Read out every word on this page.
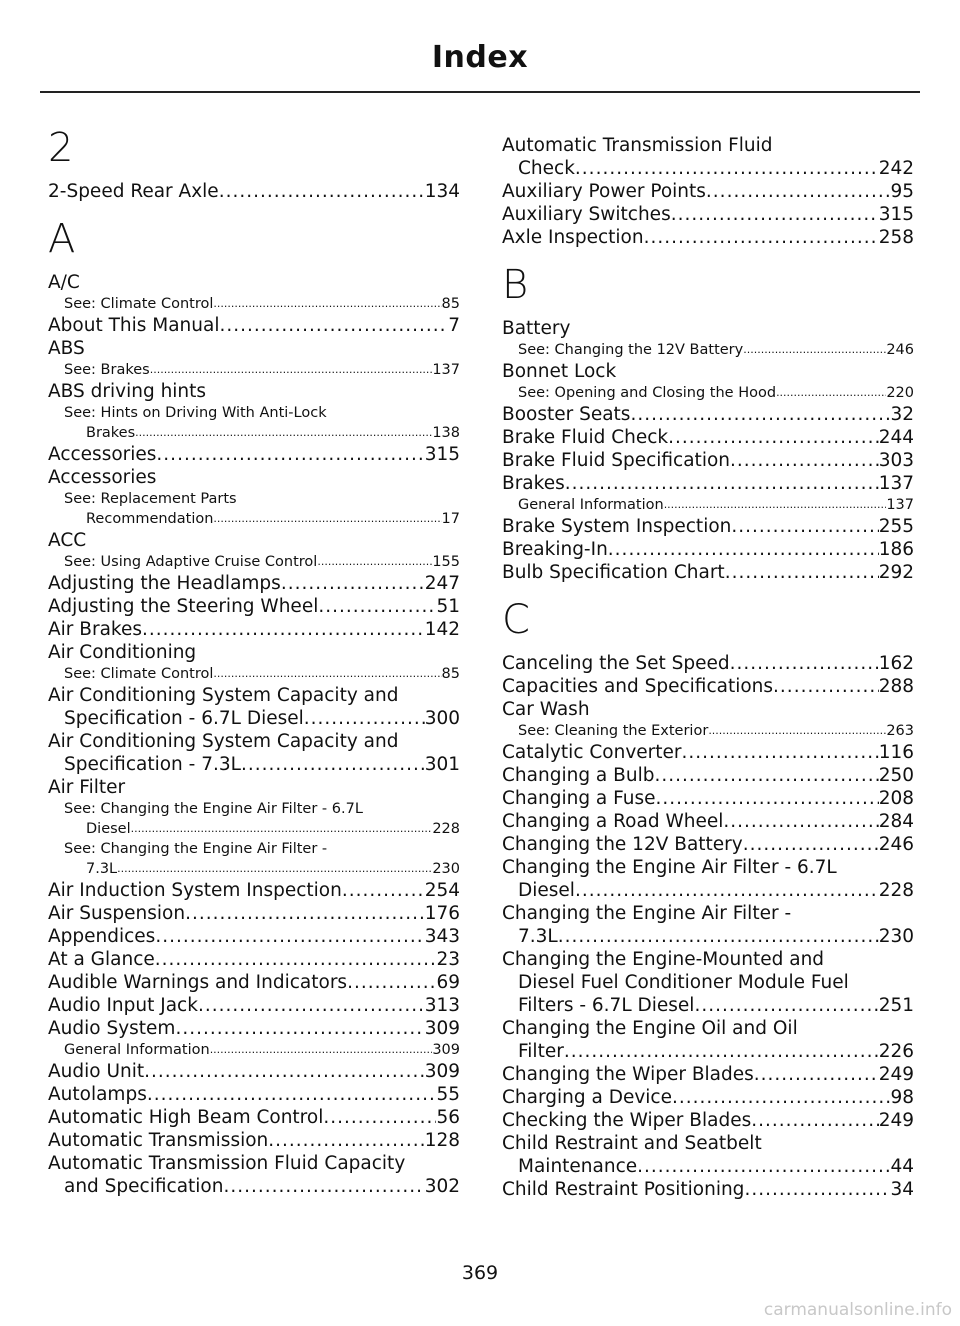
Index
2
2-Speed Rear Axle .....	134
A
A/C
See: Climate Control .....	85
About This Manual .....	7
ABS
See: Brakes .....	137
ABS driving hints
See: Hints on Driving With Anti-Lock
Brakes .....	138
Accessories .....	315
Accessories
See: Replacement Parts
Recommendation .....	17
ACC
See: Using Adaptive Cruise Control .....	155
Adjusting the Headlamps .....	247
Adjusting the Steering Wheel .....	51
Air Brakes .....	142
Air Conditioning
See: Climate Control .....	85
Air Conditioning System Capacity and
Specification - 6.7L Diesel .....	300
Air Conditioning System Capacity and
Specification - 7.3L .....	301
Air Filter
See: Changing the Engine Air Filter - 6.7L
Diesel .....	228
See: Changing the Engine Air Filter -
7.3L .....	230
Air Induction System Inspection .....	254
Air Suspension .....	176
Appendices .....	343
At a Glance .....	23
Audible Warnings and Indicators .....	69
Audio Input Jack .....	313
Audio System .....	309
General Information .....	309
Audio Unit .....	309
Autolamps .....	55
Automatic High Beam Control .....	56
Automatic Transmission .....	128
Automatic Transmission Fluid Capacity
and Specification .....	302
Automatic Transmission Fluid
Check .....	242
Auxiliary Power Points .....	95
Auxiliary Switches .....	315
Axle Inspection .....	258
B
Battery
See: Changing the 12V Battery .....	246
Bonnet Lock
See: Opening and Closing the Hood .....	220
Booster Seats .....	32
Brake Fluid Check .....	244
Brake Fluid Specification .....	303
Brakes .....	137
General Information .....	137
Brake System Inspection .....	255
Breaking-In .....	186
Bulb Specification Chart .....	292
C
Canceling the Set Speed .....	162
Capacities and Specifications .....	288
Car Wash
See: Cleaning the Exterior .....	263
Catalytic Converter .....	116
Changing a Bulb .....	250
Changing a Fuse .....	208
Changing a Road Wheel .....	284
Changing the 12V Battery .....	246
Changing the Engine Air Filter - 6.7L
Diesel .....	228
Changing the Engine Air Filter -
7.3L .....	230
Changing the Engine-Mounted and
Diesel Fuel Conditioner Module Fuel
Filters - 6.7L Diesel .....	251
Changing the Engine Oil and Oil
Filter .....	226
Changing the Wiper Blades .....	249
Charging a Device .....	98
Checking the Wiper Blades .....	249
Child Restraint and Seatbelt
Maintenance .....	44
Child Restraint Positioning .....	34
369
carmanualsonline.info
